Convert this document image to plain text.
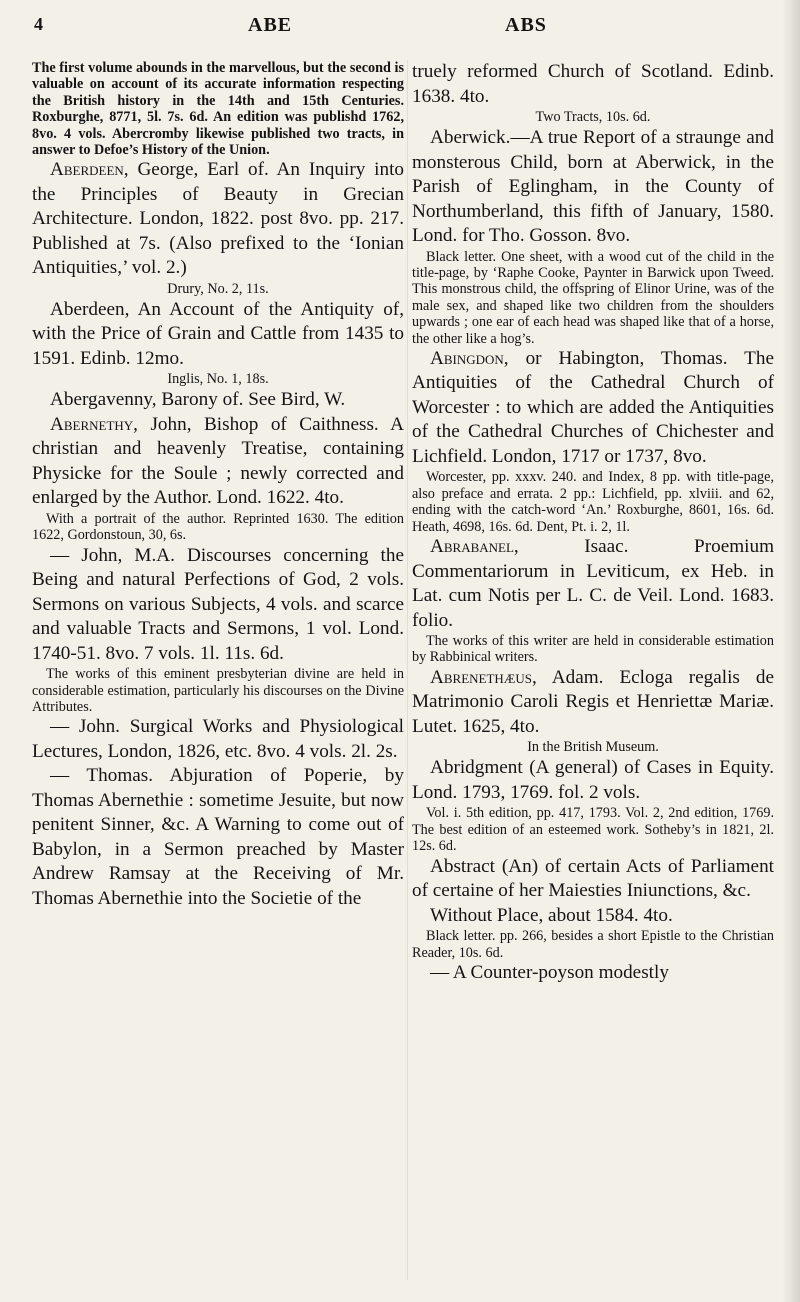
4	ABE	ABS

The first volume abounds in the marvellous, but the second is valuable on account of its accurate information respecting the British history in the 14th and 15th Centuries. Roxburghe, 8771, 5l. 7s. 6d. An edition was publishd 1762, 8vo. 4 vols. Abercromby likewise published two tracts, in answer to Defoe’s History of the Union.

Aberdeen, George, Earl of. An Inquiry into the Principles of Beauty in Grecian Architecture. London, 1822. post 8vo. pp. 217. Published at 7s. (Also prefixed to the ‘Ionian Antiquities,’ vol. 2.)

Drury, No. 2, 11s.

Aberdeen, An Account of the Antiquity of, with the Price of Grain and Cattle from 1435 to 1591. Edinb. 12mo.

Inglis, No. 1, 18s.

Abergavenny, Barony of. See Bird, W.

Abernethy, John, Bishop of Caithness. A christian and heavenly Treatise, containing Physicke for the Soule ; newly corrected and enlarged by the Author. Lond. 1622. 4to.

With a portrait of the author. Reprinted 1630. The edition 1622, Gordonstoun, 30, 6s.

— John, M.A. Discourses concerning the Being and natural Perfections of God, 2 vols. Sermons on various Subjects, 4 vols. and scarce and valuable Tracts and Sermons, 1 vol. Lond. 1740-51. 8vo. 7 vols. 1l. 11s. 6d.

The works of this eminent presbyterian divine are held in considerable estimation, particularly his discourses on the Divine Attributes.

— John. Surgical Works and Physiological Lectures, London, 1826, etc. 8vo. 4 vols. 2l. 2s.

— Thomas. Abjuration of Poperie, by Thomas Abernethie : sometime Jesuite, but now penitent Sinner, &c. A Warning to come out of Babylon, in a Sermon preached by Master Andrew Ramsay at the Receiving of Mr. Thomas Abernethie into the Societie of the

truely reformed Church of Scotland. Edinb. 1638. 4to.

Two Tracts, 10s. 6d.

Aberwick.—A true Report of a straunge and monsterous Child, born at Aberwick, in the Parish of Eglingham, in the County of Northumberland, this fifth of January, 1580. Lond. for Tho. Gosson. 8vo.

Black letter. One sheet, with a wood cut of the child in the title-page, by ‘Raphe Cooke, Paynter in Barwick upon Tweed. This monstrous child, the offspring of Elinor Urine, was of the male sex, and shaped like two children from the shoulders upwards ; one ear of each head was shaped like that of a horse, the other like a hog’s.

Abingdon, or Habington, Thomas. The Antiquities of the Cathedral Church of Worcester : to which are added the Antiquities of the Cathedral Churches of Chichester and Lichfield. London, 1717 or 1737, 8vo.

Worcester, pp. xxxv. 240. and Index, 8 pp. with title-page, also preface and errata. 2 pp.: Lichfield, pp. xlviii. and 62, ending with the catch-word ‘An.’ Roxburghe, 8601, 16s. 6d. Heath, 4698, 16s. 6d. Dent, Pt. i. 2, 1l.

Abrabanel, Isaac. Proemium Commentariorum in Leviticum, ex Heb. in Lat. cum Notis per L. C. de Veil. Lond. 1683. folio.

The works of this writer are held in considerable estimation by Rabbinical writers.

Abrenethæus, Adam. Ecloga regalis de Matrimonio Caroli Regis et Henriettæ Mariæ. Lutet. 1625, 4to.

In the British Museum.

Abridgment (A general) of Cases in Equity. Lond. 1793, 1769. fol. 2 vols.

Vol. i. 5th edition, pp. 417, 1793. Vol. 2, 2nd edition, 1769. The best edition of an esteemed work. Sotheby’s in 1821, 2l. 12s. 6d.

Abstract (An) of certain Acts of Parliament of certaine of her Maiesties Iniunctions, &c.

Without Place, about 1584. 4to.

Black letter. pp. 266, besides a short Epistle to the Christian Reader, 10s. 6d.

— A Counter-poyson modestly
